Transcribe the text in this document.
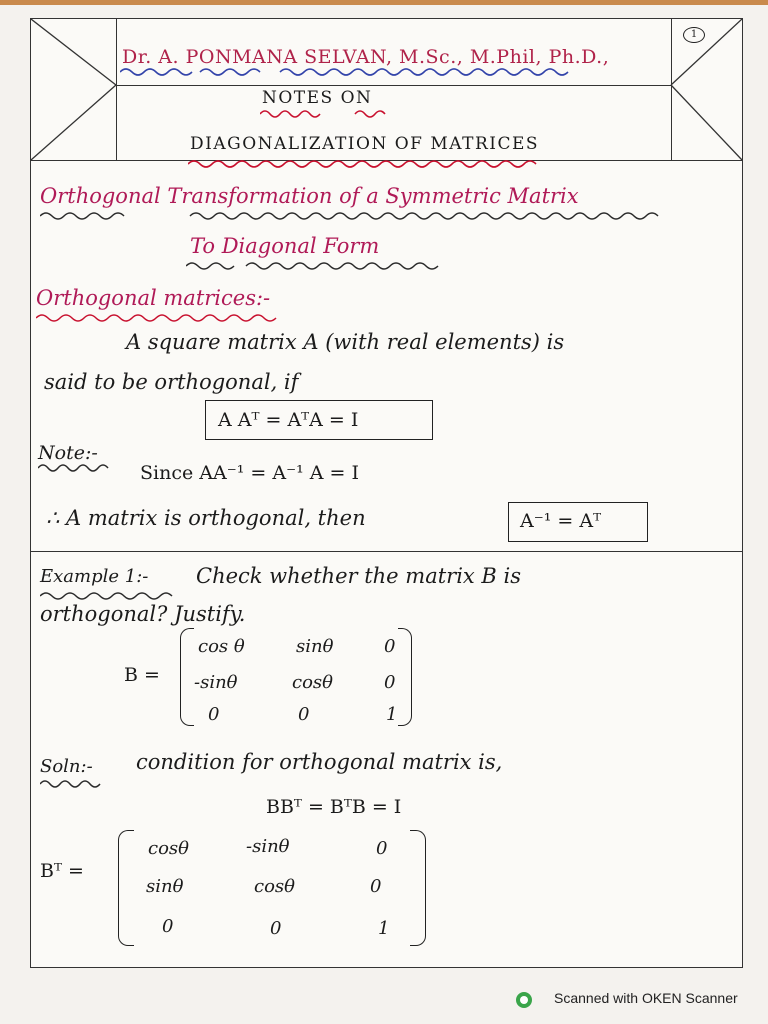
1
Dr. A. PONMANA SELVAN, M.Sc., M.Phil, Ph.D.,
NOTES ON
DIAGONALIZATION OF MATRICES
Orthogonal Transformation of a Symmetric Matrix
To Diagonal Form
Orthogonal matrices:-
A square matrix A (with real elements) is
said to be orthogonal, if
A Aᵀ = AᵀA = I
Note:-
Since AA⁻¹ = A⁻¹ A = I
∴ A matrix is orthogonal, then	A⁻¹ = Aᵀ
Example 1:- Check whether the matrix B is
orthogonal? Justify.
B =
cos θ	sinθ	0
-sinθ	cosθ	0
0	0	1
Soln:- condition for orthogonal matrix is,
BBᵀ = BᵀB = I
Bᵀ =
cosθ	-sinθ	0
sinθ	cosθ	0
0	0	1
Scanned with OKEN Scanner
